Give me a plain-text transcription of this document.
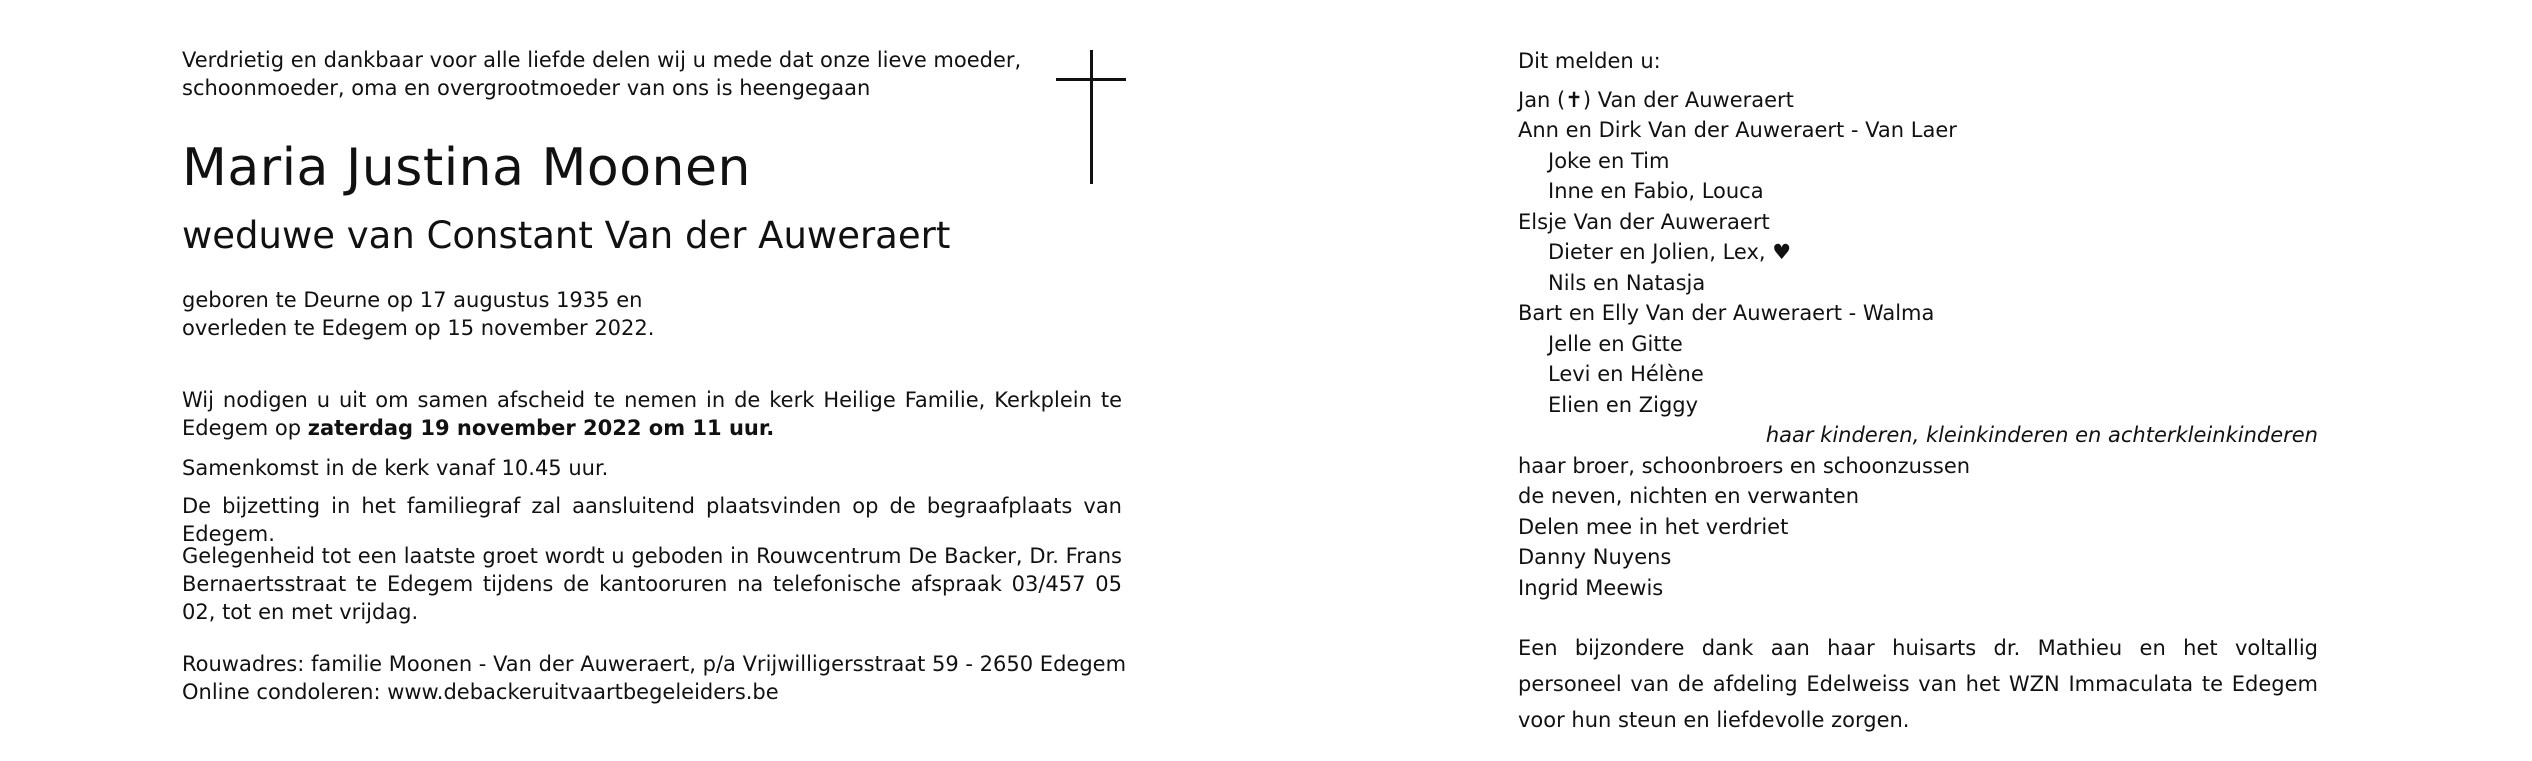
Verdrietig en dankbaar voor alle liefde delen wij u mede dat onze lieve moeder,
schoonmoeder, oma en overgrootmoeder van ons is heengegaan

Maria Justina Moonen
weduwe van Constant Van der Auweraert
geboren te Deurne op 17 augustus 1935 en
overleden te Edegem op 15 november 2022.

Wij nodigen u uit om samen afscheid te nemen in de kerk Heilige Familie, Kerkplein te Edegem op zaterdag 19 november 2022 om 11 uur.

Samenkomst in de kerk vanaf 10.45 uur.

De bijzetting in het familiegraf zal aansluitend plaatsvinden op de begraafplaats van Edegem.

Gelegenheid tot een laatste groet wordt u geboden in Rouwcentrum De Backer, Dr. Frans Bernaertsstraat te Edegem tijdens de kantooruren na telefonische afspraak 03/457 05 02, tot en met vrijdag.

Rouwadres: familie Moonen - Van der Auweraert, p/a Vrijwilligersstraat 59 - 2650 Edegem

Online condoleren: www.debackeruitvaartbegeleiders.be

Dit melden u:
Jan (✝) Van der Auweraert
Ann en Dirk Van der Auweraert - Van Laer
Joke en Tim
Inne en Fabio, Louca
Elsje Van der Auweraert
Dieter en Jolien, Lex, ♥
Nils en Natasja
Bart en Elly Van der Auweraert - Walma
Jelle en Gitte
Levi en Hélène
Elien en Ziggy
haar kinderen, kleinkinderen en achterkleinkinderen
haar broer, schoonbroers en schoonzussen
de neven, nichten en verwanten
Delen mee in het verdriet
Danny Nuyens
Ingrid Meewis

Een bijzondere dank aan haar huisarts dr. Mathieu en het voltallig personeel van de afdeling Edelweiss van het WZN Immaculata te Edegem voor hun steun en liefdevolle zorgen.
